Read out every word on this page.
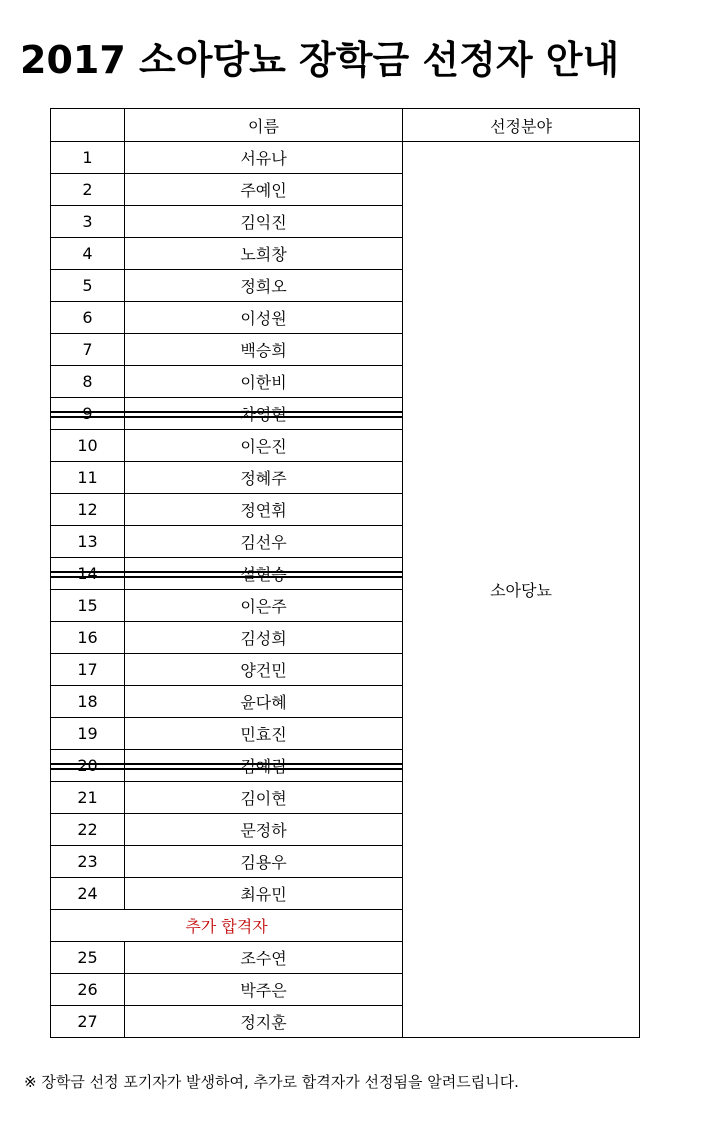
2017 소아당뇨 장학금 선정자 안내
	이름	선정분야
1	서유나	소아당뇨
2	주예인	
3	김익진	
4	노희창	
5	정희오	
6	이성원	
7	백승희	
8	이한비	
9	차영현	
10	이은진	
11	정혜주	
12	정연휘	
13	김선우	
14	설현승	
15	이은주	
16	김성희	
17	양건민	
18	윤다혜	
19	민효진	
20	김예림	
21	김이현	
22	문정하	
23	김용우	
24	최유민	
추가 합격자		
25	조수연	
26	박주은	
27	정지훈	

※ 장학금 선정 포기자가 발생하여, 추가로 합격자가 선정됨을 알려드립니다.
